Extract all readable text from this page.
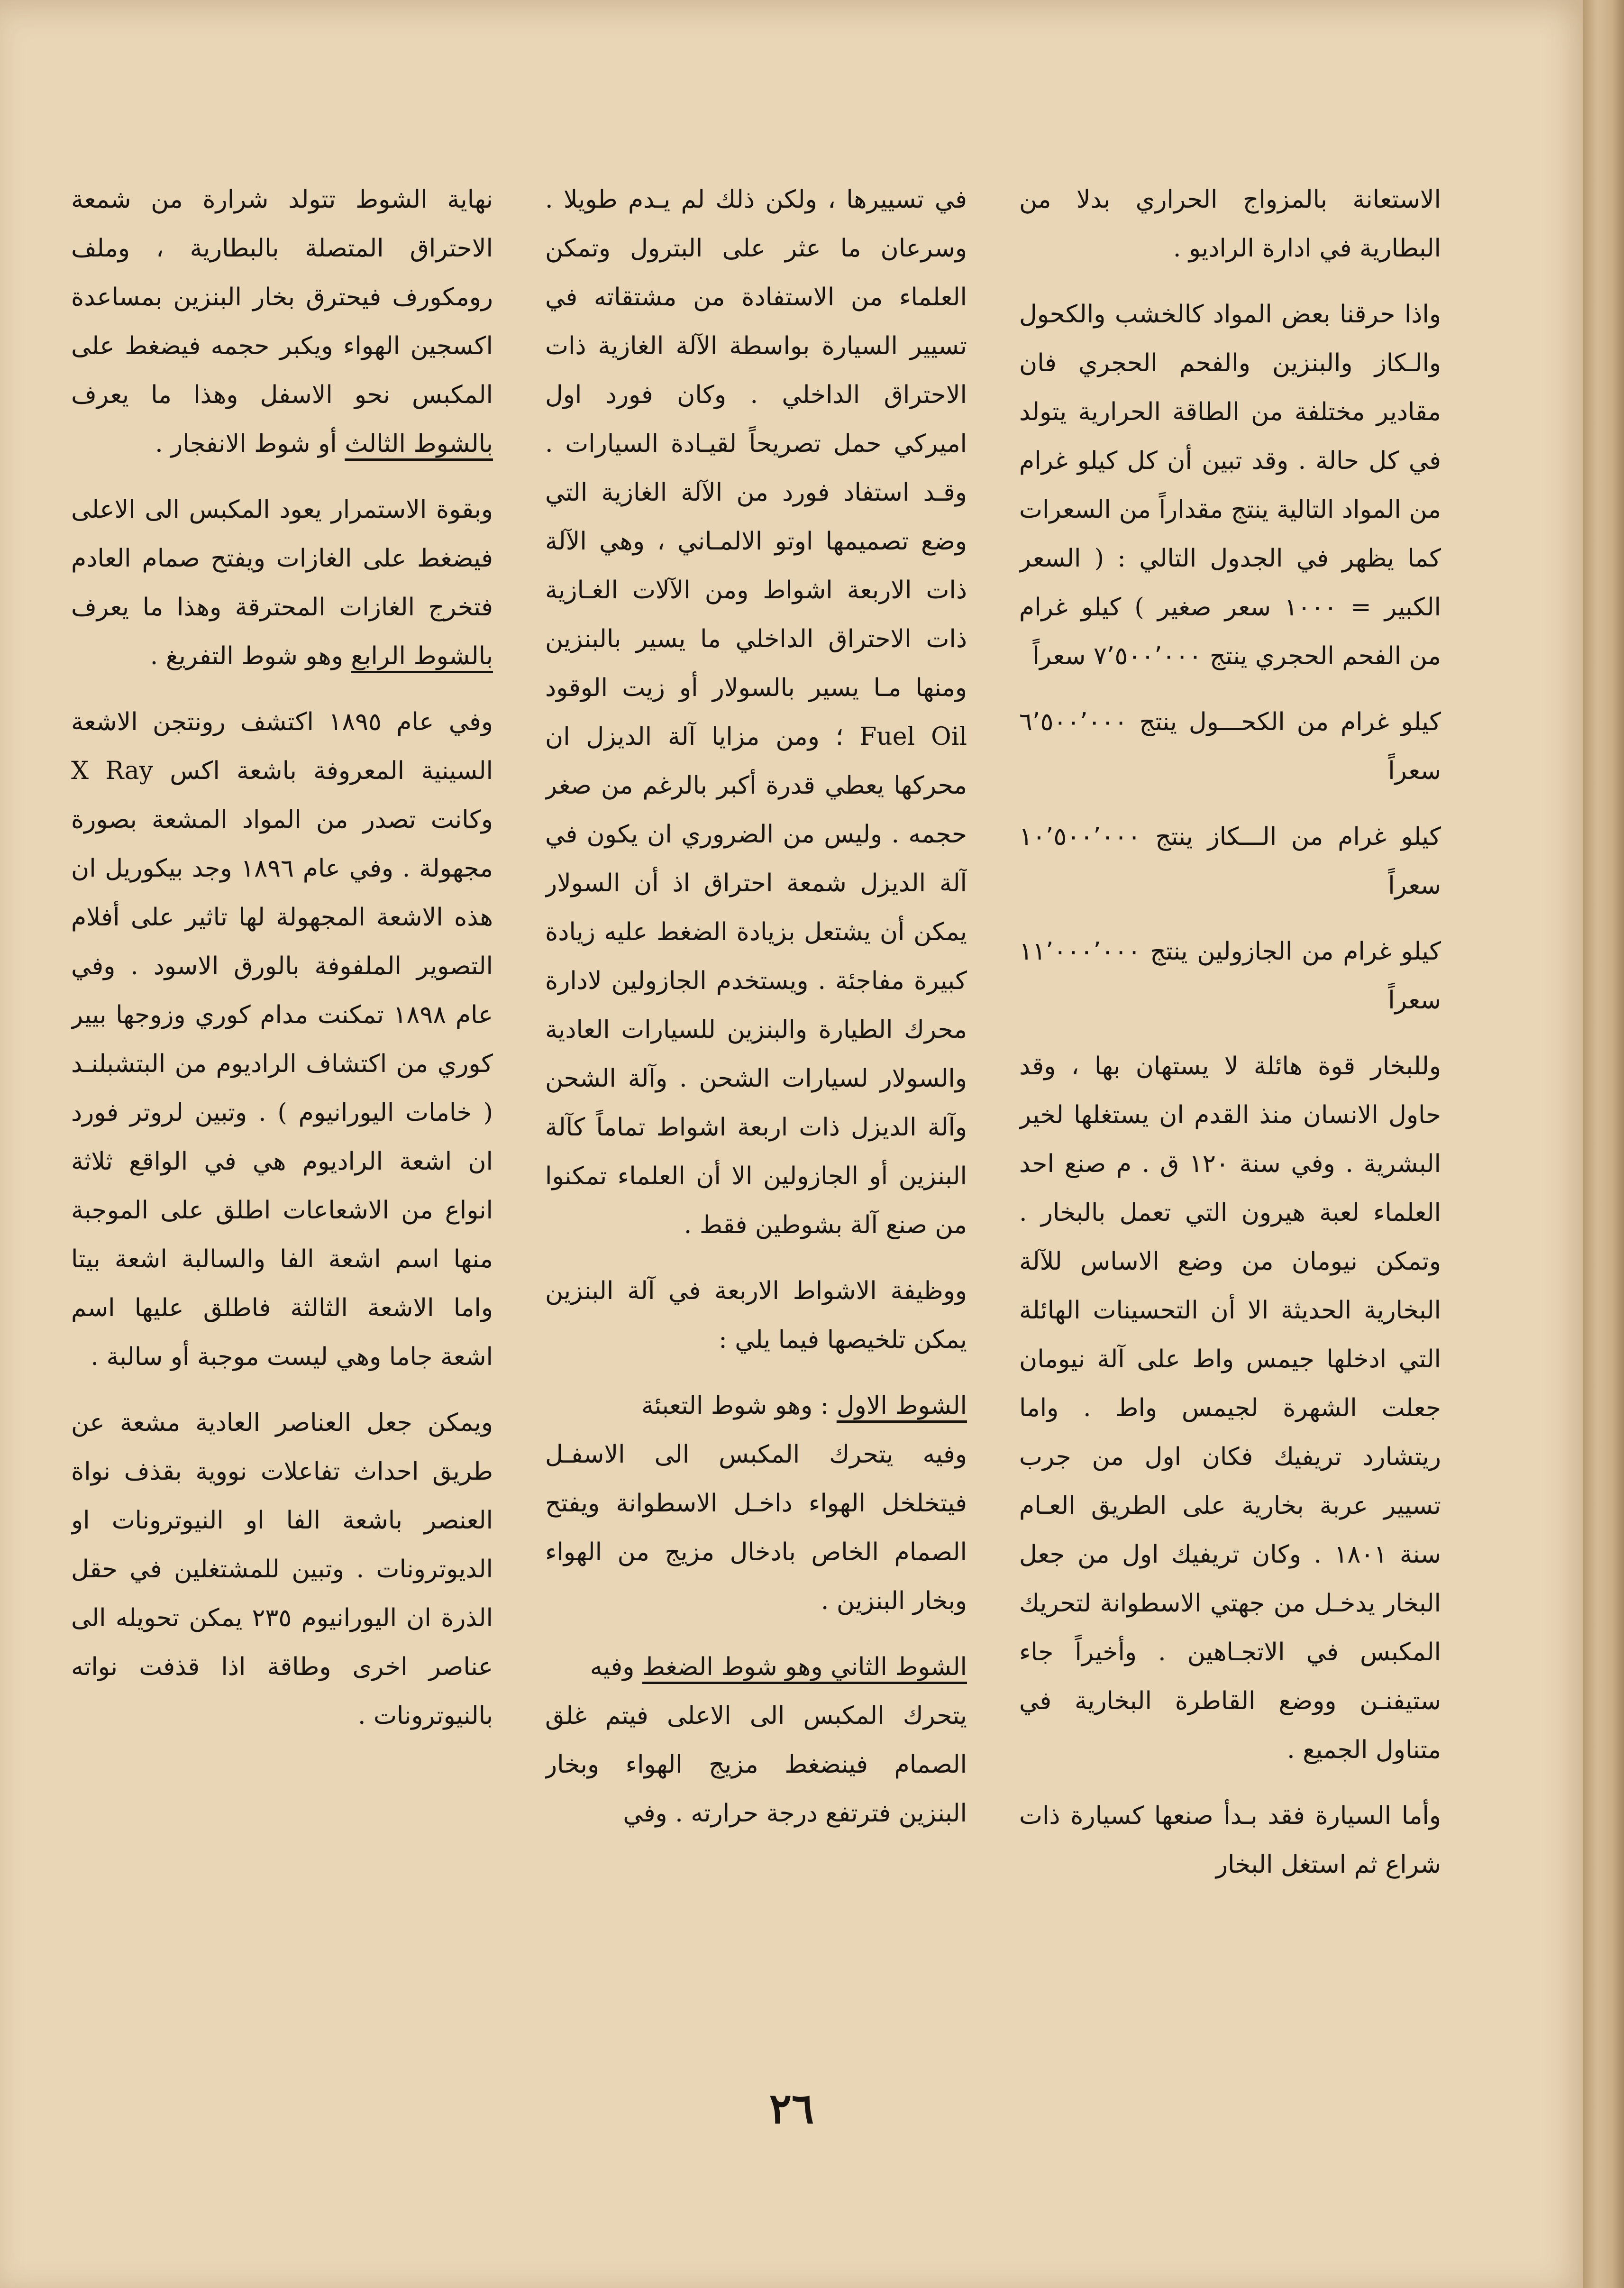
الاستعانة بالمزواج الحراري بدلا من البطارية في ادارة الراديو .

واذا حرقنا بعض المواد كالخشب والكحول والـكاز والبنزين والفحم الحجري فان مقادير مختلفة من الطاقة الحرارية يتولد في كل حالة . وقد تبين أن كل كيلو غرام من المواد التالية ينتج مقداراً من السعرات كما يظهر في الجدول التالي : ( السعر الكبير = ١٠٠٠ سعر صغير ) كيلو غرام من الفحم الحجري ينتج ٧٬٥٠٠٬٠٠٠ سعراً

كيلو غرام من الكحـــول ينتج ٦٬٥٠٠٬٠٠٠ سعراً

كيلو غرام من الـــكاز ينتج ١٠٬٥٠٠٬٠٠٠ سعراً

كيلو غرام من الجازولين ينتج ١١٬٠٠٠٬٠٠٠ سعراً

وللبخار قوة هائلة لا يستهان بها ، وقد حاول الانسان منذ القدم ان يستغلها لخير البشرية . وفي سنة ١٢٠ ق . م صنع احد العلماء لعبة هيرون التي تعمل بالبخار . وتمكن نيومان من وضع الاساس للآلة البخارية الحديثة الا أن التحسينات الهائلة التي ادخلها جيمس واط على آلة نيومان جعلت الشهرة لجيمس واط . واما ريتشارد تريفيك فكان اول من جرب تسيير عربة بخارية على الطريق العـام سنة ١٨٠١ . وكان تريفيك اول من جعل البخار يدخـل من جهتي الاسطوانة لتحريك المكبس في الاتجـاهين . وأخيراً جاء ستيفنـن ووضع القاطرة البخارية في متناول الجميع .

وأما السيارة فقد بـدأ صنعها كسيارة ذات شراع ثم استغل البخار

في تسييرها ، ولكن ذلك لم يـدم طويلا . وسرعان ما عثر على البترول وتمكن العلماء من الاستفادة من مشتقاته في تسيير السيارة بواسطة الآلة الغازية ذات الاحتراق الداخلي . وكان فورد اول اميركي حمل تصريحاً لقيـادة السيارات . وقـد استفاد فورد من الآلة الغازية التي وضع تصميمها اوتو الالمـاني ، وهي الآلة ذات الاربعة اشواط ومن الآلات الغـازية ذات الاحتراق الداخلي ما يسير بالبنزين ومنها مـا يسير بالسولار أو زيت الوقود Fuel Oil ؛ ومن مزايا آلة الديزل ان محركها يعطي قدرة أكبر بالرغم من صغر حجمه . وليس من الضروري ان يكون في آلة الديزل شمعة احتراق اذ أن السولار يمكن أن يشتعل بزيادة الضغط عليه زيادة كبيرة مفاجئة . ويستخدم الجازولين لادارة محرك الطيارة والبنزين للسيارات العادية والسولار لسيارات الشحن . وآلة الشحن وآلة الديزل ذات اربعة اشواط تماماً كآلة البنزين أو الجازولين الا أن العلماء تمكنوا من صنع آلة بشوطين فقط .

ووظيفة الاشواط الاربعة في آلة البنزين يمكن تلخيصها فيما يلي :

الشوط الاول : وهو شوط التعبئة

وفيه يتحرك المكبس الى الاسفـل فيتخلخل الهواء داخـل الاسطوانة ويفتح الصمام الخاص بادخال مزيج من الهواء وبخار البنزين .

الشوط الثاني وهو شوط الضغط وفيه

يتحرك المكبس الى الاعلى فيتم غلق الصمام فينضغط مزيج الهواء وبخار البنزين فترتفع درجة حرارته . وفي

نهاية الشوط تتولد شرارة من شمعة الاحتراق المتصلة بالبطارية ، وملف رومكورف فيحترق بخار البنزين بمساعدة اكسجين الهواء ويكبر حجمه فيضغط على المكبس نحو الاسفل وهذا ما يعرف بالشوط الثالث أو شوط الانفجار .

وبقوة الاستمرار يعود المكبس الى الاعلى فيضغط على الغازات ويفتح صمام العادم فتخرج الغازات المحترقة وهذا ما يعرف بالشوط الرابع وهو شوط التفريغ .

وفي عام ١٨٩٥ اكتشف رونتجن الاشعة السينية المعروفة باشعة اكس X Ray وكانت تصدر من المواد المشعة بصورة مجهولة . وفي عام ١٨٩٦ وجد بيكوريل ان هذه الاشعة المجهولة لها تاثير على أفلام التصوير الملفوفة بالورق الاسود . وفي عام ١٨٩٨ تمكنت مدام كوري وزوجها بيير كوري من اكتشاف الراديوم من البتشبلنـد ( خامات اليورانيوم ) . وتبين لروتر فورد ان اشعة الراديوم هي في الواقع ثلاثة انواع من الاشعاعات اطلق على الموجبة منها اسم اشعة الفا والسالبة اشعة بيتا واما الاشعة الثالثة فاطلق عليها اسم اشعة جاما وهي ليست موجبة أو سالبة .

ويمكن جعل العناصر العادية مشعة عن طريق احداث تفاعلات نووية بقذف نواة العنصر باشعة الفا او النيوترونات او الديوترونات . وتبين للمشتغلين في حقل الذرة ان اليورانيوم ٢٣٥ يمكن تحويله الى عناصر اخرى وطاقة اذا قذفت نواته بالنيوترونات .

٢٦
